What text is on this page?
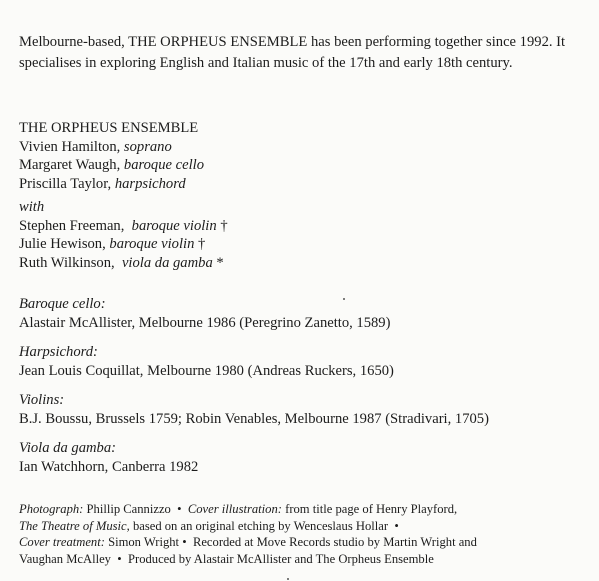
Melbourne-based, THE ORPHEUS ENSEMBLE has been performing together since 1992. It specialises in exploring English and Italian music of the 17th and early 18th century.

THE ORPHEUS ENSEMBLE
Vivien Hamilton, soprano
Margaret Waugh, baroque cello
Priscilla Taylor, harpsichord
with
Stephen Freeman, baroque violin †
Julie Hewison, baroque violin †
Ruth Wilkinson, viola da gamba *
Baroque cello:
Alastair McAllister, Melbourne 1986 (Peregrino Zanetto, 1589)
Harpsichord:
Jean Louis Coquillat, Melbourne 1980 (Andreas Ruckers, 1650)
Violins:
B.J. Boussu, Brussels 1759; Robin Venables, Melbourne 1987 (Stradivari, 1705)
Viola da gamba:
Ian Watchhorn, Canberra 1982
Photograph: Phillip Cannizzo • Cover illustration: from title page of Henry Playford,
The Theatre of Music, based on an original etching by Wenceslaus Hollar •
Cover treatment: Simon Wright • Recorded at Move Records studio by Martin Wright and
Vaughan McAlley • Produced by Alastair McAllister and The Orpheus Ensemble
